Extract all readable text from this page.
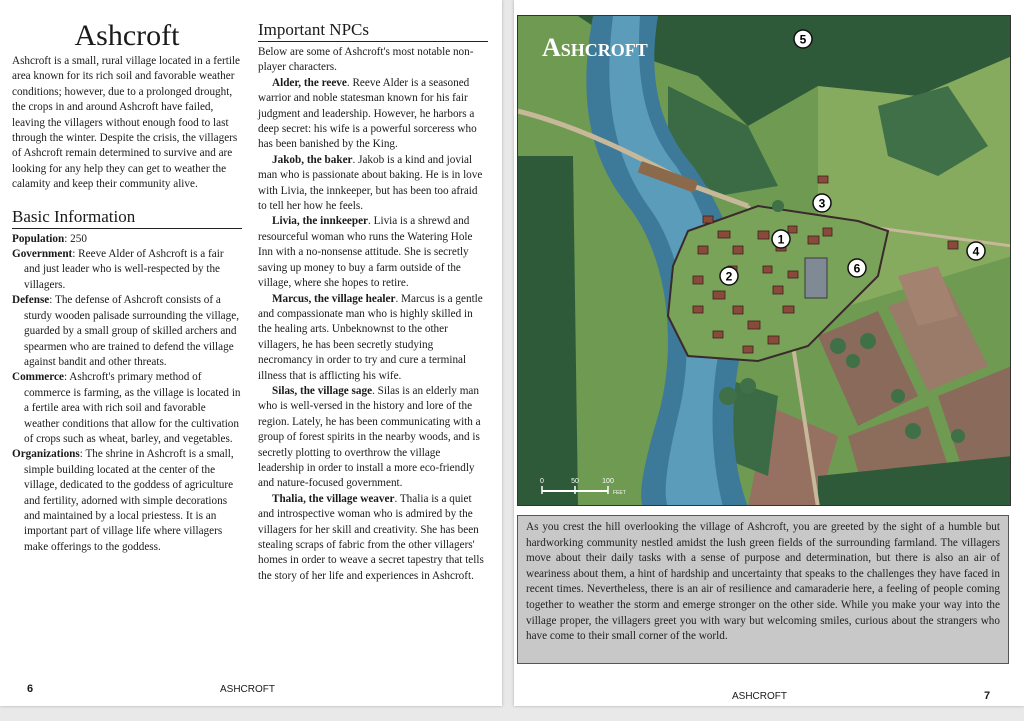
Ashcroft

Ashcroft is a small, rural village located in a fertile area known for its rich soil and favorable weather conditions; however, due to a prolonged drought, the crops in and around Ashcroft have failed, leaving the villagers without enough food to last through the winter. Despite the crisis, the villagers of Ashcroft remain determined to survive and are looking for any help they can get to weather the calamity and keep their community alive.

Basic Information

Population: 250

Government: Reeve Alder of Ashcroft is a fair and just leader who is well-respected by the villagers.

Defense: The defense of Ashcroft consists of a sturdy wooden palisade surrounding the village, guarded by a small group of skilled archers and spearmen who are trained to defend the village against bandit and other threats.

Commerce: Ashcroft's primary method of commerce is farming, as the village is located in a fertile area with rich soil and favorable weather conditions that allow for the cultivation of crops such as wheat, barley, and vegetables.

Organizations: The shrine in Ashcroft is a small, simple building located at the center of the village, dedicated to the goddess of agriculture and fertility, adorned with simple decorations and maintained by a local priestess. It is an important part of village life where villagers make offerings to the goddess.

Important NPCs

Below are some of Ashcroft's most notable non-player characters.

Alder, the reeve. Reeve Alder is a seasoned warrior and noble statesman known for his fair judgment and leadership. However, he harbors a deep secret: his wife is a powerful sorceress who has been banished by the King.

Jakob, the baker. Jakob is a kind and jovial man who is passionate about baking. He is in love with Livia, the innkeeper, but has been too afraid to tell her how he feels.

Livia, the innkeeper. Livia is a shrewd and resourceful woman who runs the Watering Hole Inn with a no-nonsense attitude. She is secretly saving up money to buy a farm outside of the village, where she hopes to retire.

Marcus, the village healer. Marcus is a gentle and compassionate man who is highly skilled in the healing arts. Unbeknownst to the other villagers, he has been secretly studying necromancy in order to try and cure a terminal illness that is afflicting his wife.

Silas, the village sage. Silas is an elderly man who is well-versed in the history and lore of the region. Lately, he has been communicating with a group of forest spirits in the nearby woods, and is secretly plotting to overthrow the village leadership in order to install a more eco-friendly and nature-focused government.

Thalia, the village weaver. Thalia is a quiet and introspective woman who is admired by the villagers for her skill and creativity. She has been stealing scraps of fabric from the other villagers' homes in order to weave a secret tapestry that tells the story of her life and experiences in Ashcroft.

6	ASHCROFT
0	50	100
FEET
Ashcroft
1
2
3
4
5
6

As you crest the hill overlooking the village of Ashcroft, you are greeted by the sight of a humble but hardworking community nestled amidst the lush green fields of the surrounding farmland. The villagers move about their daily tasks with a sense of purpose and determination, but there is also an air of weariness about them, a hint of hardship and uncertainty that speaks to the challenges they have faced in recent times. Nevertheless, there is an air of resilience and camaraderie here, a feeling of people coming together to weather the storm and emerge stronger on the other side. While you make your way into the village proper, the villagers greet you with wary but welcoming smiles, curious about the strangers who have come to their small corner of the world.

ASHCROFT	7
